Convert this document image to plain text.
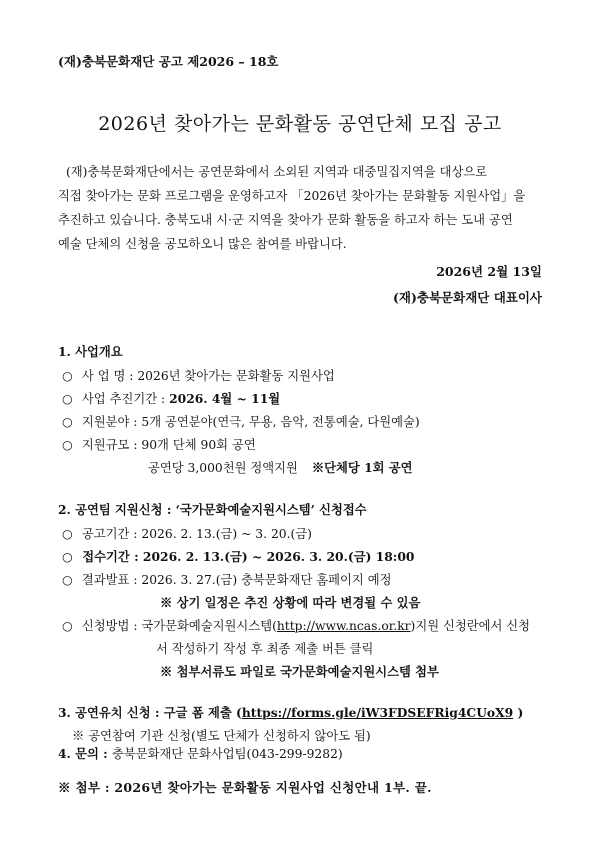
(재)충북문화재단 공고 제2026 – 18호
2026년 찾아가는 문화활동 공연단체 모집 공고

(재)충북문화재단에서는 공연문화에서 소외된 지역과 대중밀집지역을 대상으로

직접 찾아가는 문화 프로그램을 운영하고자 「2026년 찾아가는 문화활동 지원사업」을

추진하고 있습니다. 충북도내 시·군 지역을 찾아가 문화 활동을 하고자 하는 도내 공연

예술 단체의 신청을 공모하오니 많은 참여를 바랍니다.

2026년 2월 13일
(재)충북문화재단 대표이사
1. 사업개요
○ 사 업 명 : 2026년 찾아가는 문화활동 지원사업
○ 사업 추진기간 : 2026. 4월 ~ 11월
○ 지원분야 : 5개 공연분야(연극, 무용, 음악, 전통예술, 다원예술)
○ 지원규모 : 90개 단체 90회 공연
공연당 3,000천원 정액지원 ※단체당 1회 공연
2. 공연팀 지원신청 : ‘국가문화예술지원시스템’ 신청접수
○ 공고기간 : 2026. 2. 13.(금) ~ 3. 20.(금)
○ 접수기간 : 2026. 2. 13.(금) ~ 2026. 3. 20.(금) 18:00
○ 결과발표 : 2026. 3. 27.(금) 충북문화재단 홈페이지 예정
※ 상기 일정은 추진 상황에 따라 변경될 수 있음
○ 신청방법 : 국가문화예술지원시스템(http://www.ncas.or.kr)지원 신청란에서 신청
서 작성하기 작성 후 최종 제출 버튼 클릭
※ 첨부서류도 파일로 국가문화예술지원시스템 첨부
3. 공연유치 신청 : 구글 폼 제출 (https://forms.gle/iW3FDSEFRig4CUoX9 )
※ 공연참여 기관 신청(별도 단체가 신청하지 않아도 됨)
4. 문의 : 충북문화재단 문화사업팀(043-299-9282)
※ 첨부 : 2026년 찾아가는 문화활동 지원사업 신청안내 1부. 끝.
